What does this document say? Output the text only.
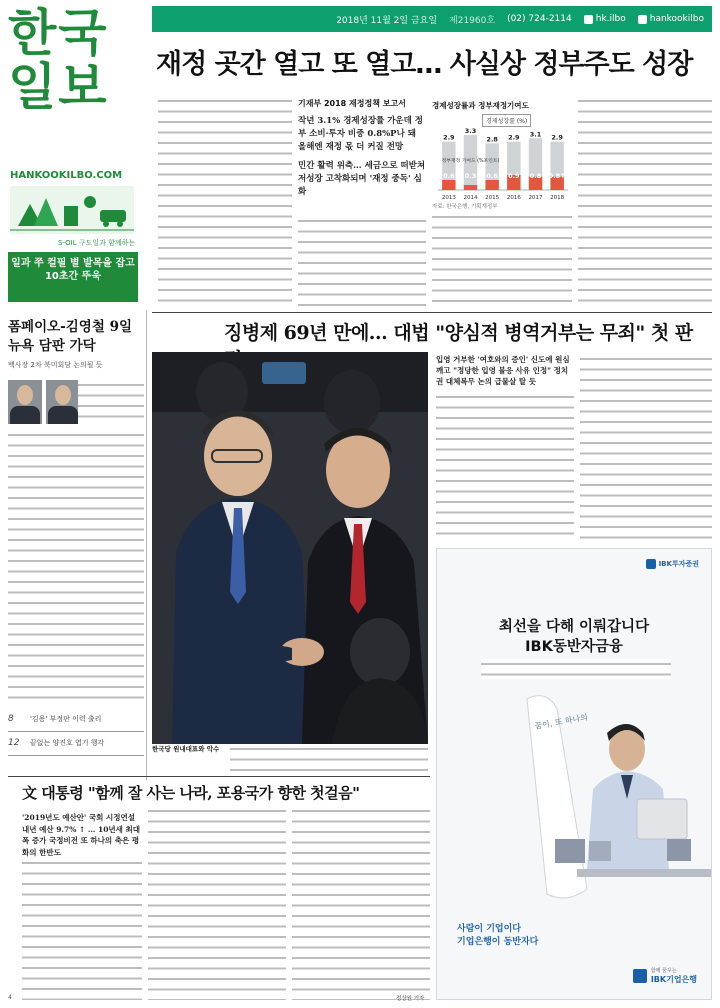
한국일보
HANKOOKILBO.COM
S-OIL 구도일과 함께하는
일과 쭈 컬필 별 발목을 잡고 10초간 뚜욱
2018년 11월 2일 금요일 제21960호 (02) 724-2114	hk.ilbo	hankookilbo
재정 곳간 열고 또 열고… 사실상 정부주도 성장
기재부 2018 재정정책 보고서
작년 3.1% 경제성장률 가운데 정부 소비·투자 비중 0.8%P나 돼 올해엔 재정 몫 더 커질 전망
민간 활력 위축… 세금으로 떠받쳐 저성장 고착화되며 '재정 중독' 심화
경제성장률과 정부재정기여도
2.9
0.6
2013
3.3
0.3
2014
2.8
0.6
2015
2.9
0.9
2016
3.1
0.8
2017
2.9
0.8↑
2018
정부재정 기여도 (%포인트)
경제성장률 (%)
자료: 한국은행, 기획재정부
폼페이오-김영철 9일 뉴욕 담판 가닥
백사장 2차 북미회담 논의될 듯
8	'김용' 부정판 이력 출리
12 끝없는 양진호 엽기 행각
징병제 69년 만에… 대법 "양심적 병역거부는 무죄" 첫 판
한국당 원내대표와 악수
입영 거부한 '여호와의 증인' 신도에 원심 깨고 "정당한 입영 불응 사유 인정" 정치권 대체복무 논의 급물살 탈 듯
IBK투자증권
최선을 다해 이뤄갑니다
IBK동반자금융
꿈이, 또 하나의
사람이 기업이다
기업은행이 동반자다
함께 꿈꾸는
IBK기업은행
文 대통령 "함께 잘 사는 나라, 포용국가 향한 첫걸음"
'2019년도 예산안' 국회 시정연설 내년 예산 9.7% ↑ … 10년새 최대폭 증가 국정비전 또 하나의 축은 평화의 한반도
정상원 기자
4
